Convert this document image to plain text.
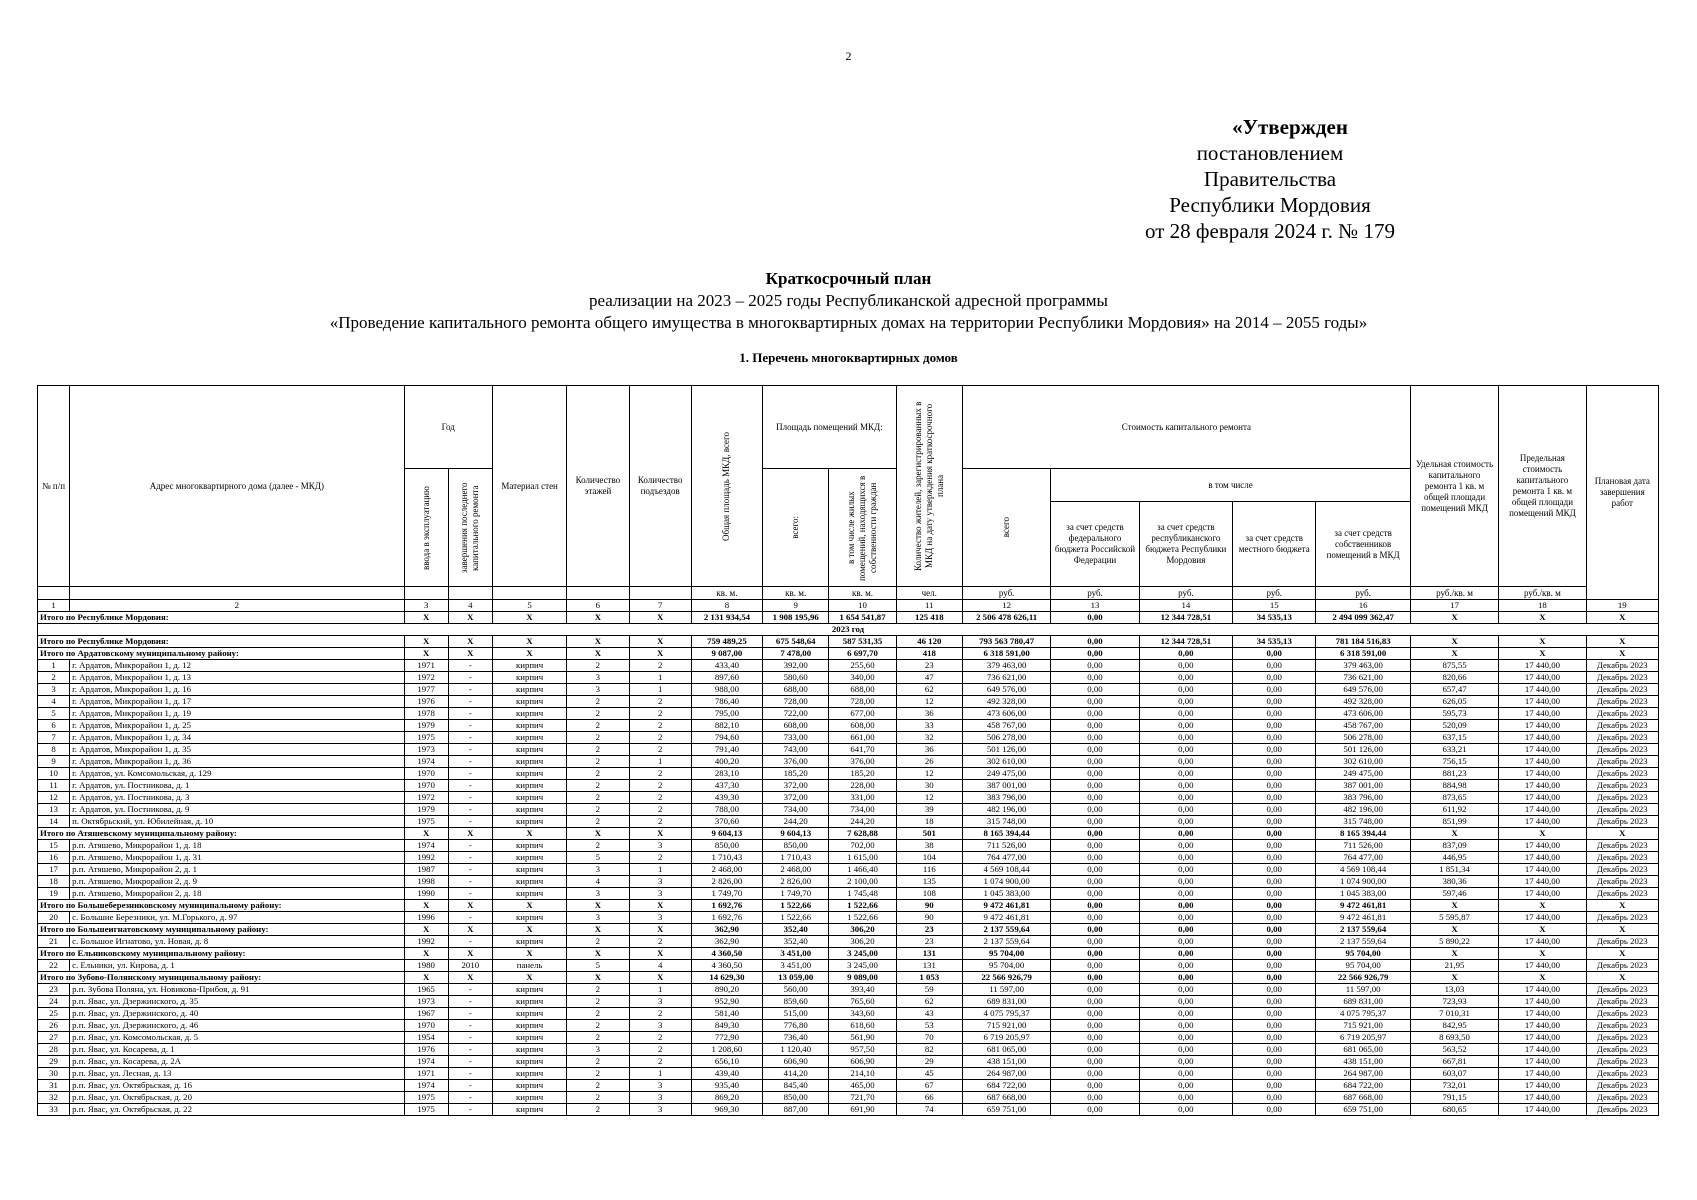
2
«Утвержден
постановлением Правительства
Республики Мордовия
от 28 февраля 2024 г. № 179
Краткосрочный план
реализации на 2023 – 2025 годы Республиканской адресной программы
«Проведение капитального ремонта общего имущества в многоквартирных домах на территории Республики Мордовия» на 2014 – 2055 годы»
1. Перечень многоквартирных домов
№ п/п	Адрес многоквартирного дома (далее - МКД)	Год		Материал стен	Количество этажей	Количество подъездов	Общая площадь МКД, всего	Площадь помещений МКД:		Количество жителей, зарегистрированных в МКД на дату утверждения краткосрочного плана	Стоимость капитального ремонта					Удельная стоимость капитального ремонта 1 кв. м общей площади помещений МКД	Предельная стоимость капитального ремонта 1 кв. м общей площади помещений МКД	Плановая дата завершения работ

		ввода в эксплуатацию	завершения последнего капитального ремонта					всего:	в том числе жилых помещений, находящихся в собственности граждан		всего	в том числе						
												за счет средств федерального бюджета Российской Федерации	за счет средств республиканского бюджета Республики Мордовия	за счет средств местного бюджета	за счет средств собственников помещений в МКД			

							кв. м.	кв. м.	кв. м.	чел.	руб.	руб.	руб.	руб.	руб.	руб./кв. м	руб./кв. м	
1	2	3	4	5	6	7	8	9	10	11	12	13	14	15	16	17	18	19
Итого по Республике Мордовия:		X	X	X	X	X	2 131 934,54	1 908 195,96	1 654 541,87	125 418	2 506 478 626,11	0,00	12 344 728,51	34 535,13	2 494 099 362,47	X	X	X
2023 год																		
Итого по Республике Мордовия:		X	X	X	X	X	759 489,25	675 548,64	587 531,35	46 120	793 563 780,47	0,00	12 344 728,51	34 535,13	781 184 516,83	X	X	X
Итого по Ардатовскому муниципальному району:		X	X	X	X	X	9 087,00	7 478,00	6 697,70	418	6 318 591,00	0,00	0,00	0,00	6 318 591,00	X	X	X
1	г. Ардатов, Микрорайон 1, д. 12	1971	-	кирпич	2	2	433,40	392,00	255,60	23	379 463,00	0,00	0,00	0,00	379 463,00	875,55	17 440,00	Декабрь 2023
2	г. Ардатов, Микрорайон 1, д. 13	1972	-	кирпич	3	1	897,60	580,60	340,00	47	736 621,00	0,00	0,00	0,00	736 621,00	820,66	17 440,00	Декабрь 2023
3	г. Ардатов, Микрорайон 1, д. 16	1977	-	кирпич	3	1	988,00	688,00	688,00	62	649 576,00	0,00	0,00	0,00	649 576,00	657,47	17 440,00	Декабрь 2023
4	г. Ардатов, Микрорайон 1, д. 17	1976	-	кирпич	2	2	786,40	728,00	728,00	12	492 328,00	0,00	0,00	0,00	492 328,00	626,05	17 440,00	Декабрь 2023
5	г. Ардатов, Микрорайон 1, д. 19	1978	-	кирпич	2	2	795,00	722,00	677,00	36	473 606,00	0,00	0,00	0,00	473 606,00	595,73	17 440,00	Декабрь 2023
6	г. Ардатов, Микрорайон 1, д. 25	1979	-	кирпич	2	2	882,10	608,00	608,00	33	458 767,00	0,00	0,00	0,00	458 767,00	520,09	17 440,00	Декабрь 2023
7	г. Ардатов, Микрорайон 1, д. 34	1975	-	кирпич	2	2	794,60	733,00	661,00	32	506 278,00	0,00	0,00	0,00	506 278,00	637,15	17 440,00	Декабрь 2023
8	г. Ардатов, Микрорайон 1, д. 35	1973	-	кирпич	2	2	791,40	743,00	641,70	36	501 126,00	0,00	0,00	0,00	501 126,00	633,21	17 440,00	Декабрь 2023
9	г. Ардатов, Микрорайон 1, д. 36	1974	-	кирпич	2	1	400,20	376,00	376,00	26	302 610,00	0,00	0,00	0,00	302 610,00	756,15	17 440,00	Декабрь 2023
10	г. Ардатов, ул. Комсомольская, д. 129	1970	-	кирпич	2	2	283,10	185,20	185,20	12	249 475,00	0,00	0,00	0,00	249 475,00	881,23	17 440,00	Декабрь 2023
11	г. Ардатов, ул. Постникова, д. 1	1970	-	кирпич	2	2	437,30	372,00	228,00	30	387 001,00	0,00	0,00	0,00	387 001,00	884,98	17 440,00	Декабрь 2023
12	г. Ардатов, ул. Постникова, д. 3	1972	-	кирпич	2	2	439,30	372,00	331,00	12	383 796,00	0,00	0,00	0,00	383 796,00	873,65	17 440,00	Декабрь 2023
13	г. Ардатов, ул. Постникова, д. 9	1979	-	кирпич	2	2	788,00	734,00	734,00	39	482 196,00	0,00	0,00	0,00	482 196,00	611,92	17 440,00	Декабрь 2023
14	п. Октябрьский, ул. Юбилейная, д. 10	1975	-	кирпич	2	2	370,60	244,20	244,20	18	315 748,00	0,00	0,00	0,00	315 748,00	851,99	17 440,00	Декабрь 2023
Итого по Атяшевскому муниципальному району:		X	X	X	X	X	9 604,13	9 604,13	7 628,88	501	8 165 394,44	0,00	0,00	0,00	8 165 394,44	X	X	X
15	р.п. Атяшево, Микрорайон 1, д. 18	1974	-	кирпич	2	3	850,00	850,00	702,00	38	711 526,00	0,00	0,00	0,00	711 526,00	837,09	17 440,00	Декабрь 2023
16	р.п. Атяшево, Микрорайон 1, д. 31	1992	-	кирпич	5	2	1 710,43	1 710,43	1 615,00	104	764 477,00	0,00	0,00	0,00	764 477,00	446,95	17 440,00	Декабрь 2023
17	р.п. Атяшево, Микрорайон 2, д. 1	1987	-	кирпич	3	1	2 468,00	2 468,00	1 466,40	116	4 569 108,44	0,00	0,00	0,00	4 569 108,44	1 851,34	17 440,00	Декабрь 2023
18	р.п. Атяшево, Микрорайон 2, д. 9	1998	-	кирпич	4	3	2 826,00	2 826,00	2 100,00	135	1 074 900,00	0,00	0,00	0,00	1 074 900,00	380,36	17 440,00	Декабрь 2023
19	р.п. Атяшево, Микрорайон 2, д. 18	1990	-	кирпич	3	3	1 749,70	1 749,70	1 745,48	108	1 045 383,00	0,00	0,00	0,00	1 045 383,00	597,46	17 440,00	Декабрь 2023
Итого по Большеберезниковскому муниципальному району:		X	X	X	X	X	1 692,76	1 522,66	1 522,66	90	9 472 461,81	0,00	0,00	0,00	9 472 461,81	X	X	X
20	с. Большие Березники, ул. М.Горького, д. 97	1996	-	кирпич	3	3	1 692,76	1 522,66	1 522,66	90	9 472 461,81	0,00	0,00	0,00	9 472 461,81	5 595,87	17 440,00	Декабрь 2023
Итого по Большеигнатовскому муниципальному району:		X	X	X	X	X	362,90	352,40	306,20	23	2 137 559,64	0,00	0,00	0,00	2 137 559,64	X	X	X
21	с. Большое Игнатово, ул. Новая, д. 8	1992	-	кирпич	2	2	362,90	352,40	306,20	23	2 137 559,64	0,00	0,00	0,00	2 137 559,64	5 890,22	17 440,00	Декабрь 2023
Итого по Ельниковскому муниципальному району:		X	X	X	X	X	4 360,50	3 451,00	3 245,00	131	95 704,00	0,00	0,00	0,00	95 704,00	X	X	X
22	с. Ельники, ул. Кирова, д. 1	1980	2010	панель	5	4	4 360,50	3 451,00	3 245,00	131	95 704,00	0,00	0,00	0,00	95 704,00	21,95	17 440,00	Декабрь 2023
Итого по Зубово-Полянскому муниципальному району:		X	X	X	X	X	14 629,30	13 059,00	9 089,00	1 053	22 566 926,79	0,00	0,00	0,00	22 566 926,79	X	X	X
23	р.п. Зубова Поляна, ул. Новикова-Прибоя, д. 91	1965	-	кирпич	2	1	890,20	560,00	393,40	59	11 597,00	0,00	0,00	0,00	11 597,00	13,03	17 440,00	Декабрь 2023
24	р.п. Явас, ул. Дзержинского, д. 35	1973	-	кирпич	2	3	952,90	859,60	765,60	62	689 831,00	0,00	0,00	0,00	689 831,00	723,93	17 440,00	Декабрь 2023
25	р.п. Явас, ул. Дзержинского, д. 40	1967	-	кирпич	2	2	581,40	515,00	343,60	43	4 075 795,37	0,00	0,00	0,00	4 075 795,37	7 010,31	17 440,00	Декабрь 2023
26	р.п. Явас, ул. Дзержинского, д. 46	1970	-	кирпич	2	3	849,30	776,80	618,60	53	715 921,00	0,00	0,00	0,00	715 921,00	842,95	17 440,00	Декабрь 2023
27	р.п. Явас, ул. Комсомольская, д. 5	1954	-	кирпич	2	2	772,90	736,40	561,90	70	6 719 205,97	0,00	0,00	0,00	6 719 205,97	8 693,50	17 440,00	Декабрь 2023
28	р.п. Явас, ул. Косарева, д. 1	1976	-	кирпич	3	2	1 208,60	1 120,40	957,50	82	681 065,00	0,00	0,00	0,00	681 065,00	563,52	17 440,00	Декабрь 2023
29	р.п. Явас, ул. Косарева, д. 2А	1974	-	кирпич	2	2	656,10	606,90	606,90	29	438 151,00	0,00	0,00	0,00	438 151,00	667,81	17 440,00	Декабрь 2023
30	р.п. Явас, ул. Лесная, д. 13	1971	-	кирпич	2	1	439,40	414,20	214,10	45	264 987,00	0,00	0,00	0,00	264 987,00	603,07	17 440,00	Декабрь 2023
31	р.п. Явас, ул. Октябрьская, д. 16	1974	-	кирпич	2	3	935,40	845,40	465,00	67	684 722,00	0,00	0,00	0,00	684 722,00	732,01	17 440,00	Декабрь 2023
32	р.п. Явас, ул. Октябрьская, д. 20	1975	-	кирпич	2	3	869,20	850,00	721,70	66	687 668,00	0,00	0,00	0,00	687 668,00	791,15	17 440,00	Декабрь 2023
33	р.п. Явас, ул. Октябрьская, д. 22	1975	-	кирпич	2	3	969,30	887,00	691,90	74	659 751,00	0,00	0,00	0,00	659 751,00	680,65	17 440,00	Декабрь 2023
